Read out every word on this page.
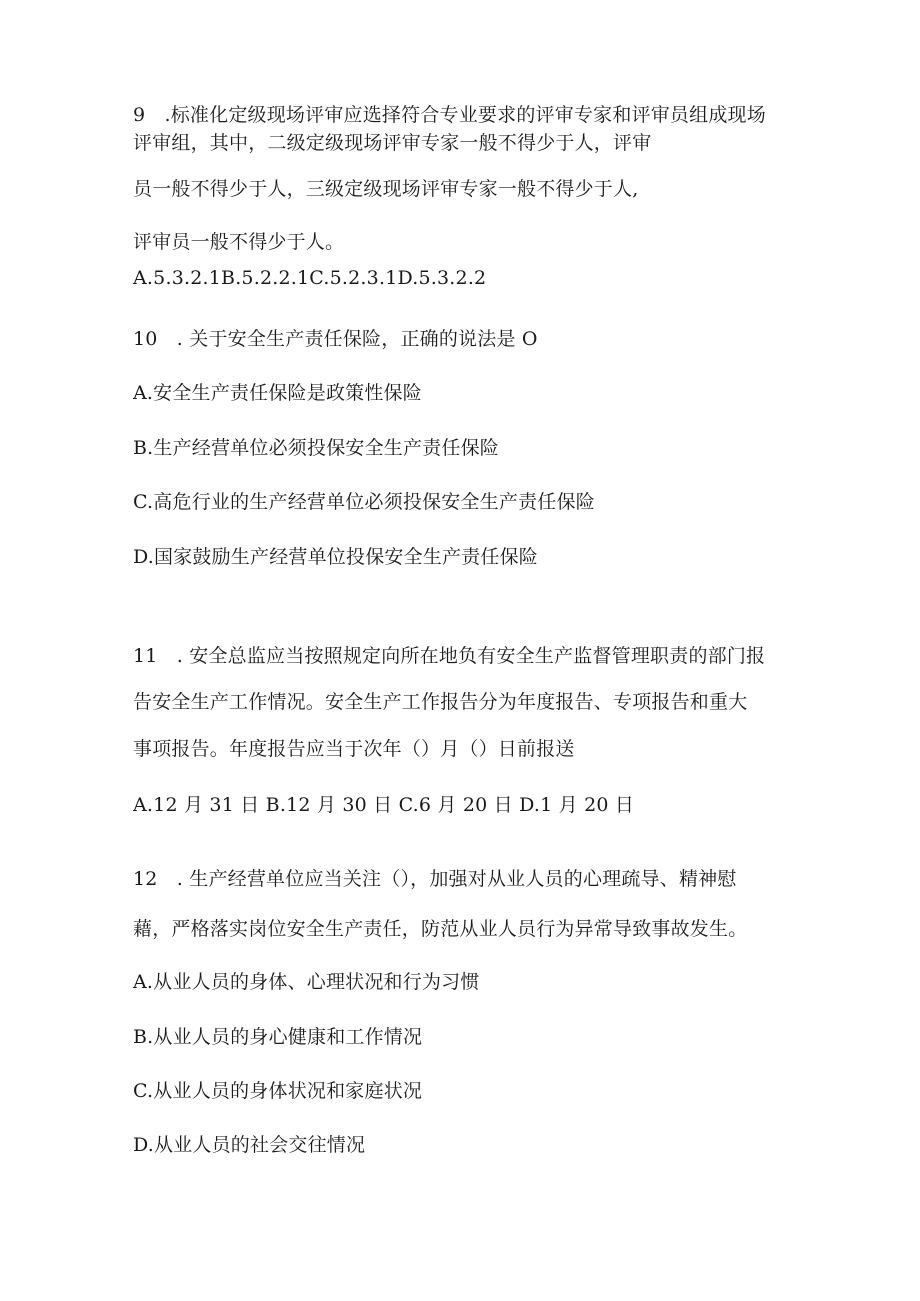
9　.标准化定级现场评审应选择符合专业要求的评审专家和评审员组成现场
评审组，其中，二级定级现场评审专家一般不得少于人，评审
员一般不得少于人，三级定级现场评审专家一般不得少于人,
评审员一般不得少于人。
A.5.3.2.1B.5.2.2.1C.5.2.3.1D.5.3.2.2
10　. 关于安全生产责任保险，正确的说法是 O
A.安全生产责任保险是政策性保险
B.生产经营单位必须投保安全生产责任保险
C.高危行业的生产经营单位必须投保安全生产责任保险
D.国家鼓励生产经营单位投保安全生产责任保险
11　. 安全总监应当按照规定向所在地负有安全生产监督管理职责的部门报
告安全生产工作情况。安全生产工作报告分为年度报告、专项报告和重大
事项报告。年度报告应当于次年（）月（）日前报送
A.12 月 31 日 B.12 月 30 日 C.6 月 20 日 D.1 月 20 日
12　. 生产经营单位应当关注（），加强对从业人员的心理疏导、精神慰
藉，严格落实岗位安全生产责任，防范从业人员行为异常导致事故发生。
A.从业人员的身体、心理状况和行为习惯
B.从业人员的身心健康和工作情况
C.从业人员的身体状况和家庭状况
D.从业人员的社会交往情况
